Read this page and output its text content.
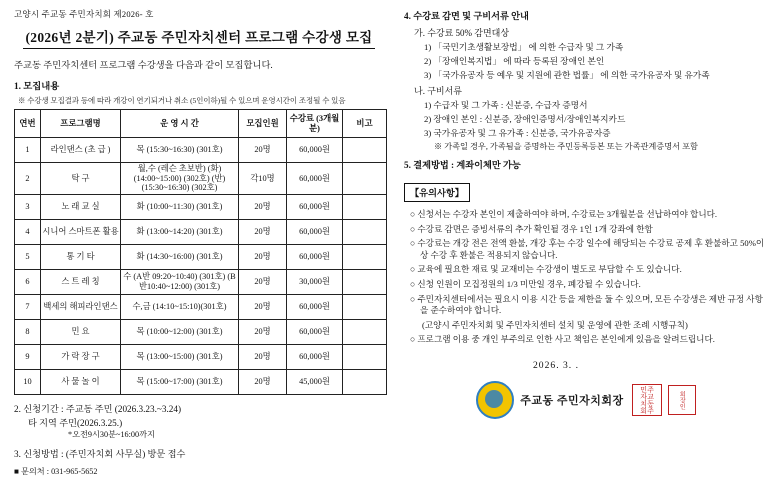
고양시 주교동 주민자치회 제2026- 호
(2026년 2분기) 주교동 주민자치센터 프로그램 수강생 모집
주교동 주민자치센터 프로그램 수강생을 다음과 같이 모집합니다.
1. 모집내용
※ 수강생 모집결과 등에 따라 개강이 연기되거나 취소 (5인이하)될 수 있으며 운영시간이 조정될 수 있음
연번	프로그램명	운 영 시 간	모집인원	수강료 (3개월분)	비고
1	라인댄스 (초 급 )	목 (15:30~16:30) (301호)	20명	60,000원	
2	탁 구	월,수 (레슨 초보반) (화)(14:00~15:00) (302호) (반)(15:30~16:30) (302호)	각10명	60,000원	
3	노 래 교 실	화 (10:00~11:30) (301호)	20명	60,000원	
4	시니어 스마트폰 활용	화 (13:00~14:20) (301호)	20명	60,000원	
5	통 기 타	화 (14:30~16:00) (301호)	20명	60,000원	
6	스 트 레 칭	수 (A반 09:20~10:40) (301호) (B반10:40~12:00) (301호)	20명	30,000원	
7	백세의 해피라인댄스	수,금 (14:10~15:10)(301호)	20명	60,000원	
8	민 요	목 (10:00~12:00) (301호)	20명	60,000원	
9	가 락 장 구	목 (13:00~15:00) (301호)	20명	60,000원	
10	사 물 놀 이	목 (15:00~17:00) (301호)	20명	45,000원	
2. 신청기간 : 주교동 주민 (2026.3.23.~3.24)
타 지역 주민(2026.3.25.)
*오전9시30분~16:00까지
3. 신청방법 : (주민자치회 사무실) 방문 접수
■ 문의처 : 031-965-5652
4. 수강료 감면 및 구비서류 안내
가. 수강료 50% 감면대상
1) 「국민기초생활보장법」 에 의한 수급자 및 그 가족
2) 「장애인복지법」 에 따라 등록된 장애인 본인
3) 「국가유공자 등 예우 및 지원에 관한 법률」 에 의한 국가유공자 및 유가족
나. 구비서류
1) 수급자 및 그 가족 : 신분증, 수급자 증명서
2) 장애인 본인 : 신분증, 장애인증명서/장애인복지카드
3) 국가유공자 및 그 유가족 : 신분증, 국가유공자증
※ 가족일 경우, 가족됨을 증명하는 주민등록등본 또는 가족관계증명서 포함
5. 결제방법 : 계좌이체만 가능
【유의사항】
○ 신청서는 수강자 본인이 제출하여야 하며, 수강료는 3개월분을 선납하여야 합니다.
○ 수강료 감면은 증빙서류의 추가 확인될 경우 1인 1개 강좌에 한함
○ 수강료는 개강 전은 전액 환불, 개강 후는 수강 일수에 해당되는 수강료 공제 후 환불하고 50%이상 수강 후 환불은 적용되지 않습니다.
○ 교육에 필요한 재료 및 교재비는 수강생이 별도로 부담할 수 도 있습니다.
○ 신청 인원이 모집정원의 1/3 미만일 경우, 폐강될 수 있습니다.
○ 주민자치센터에서는 필요시 이용 시간 등을 제한을 둘 수 있으며, 모든 수강생은 제반 규정 사항을 준수하여야 합니다.
(고양시 주민자치회 및 주민자치센터 설치 및 운영에 관한 조례 시행규칙)
○ 프로그램 이용 중 개인 부주의로 인한 사고 책임은 본인에게 있음을 알려드립니다.
2026. 3. .
주교동 주민자치회장	주교동주민자치회	회장인
